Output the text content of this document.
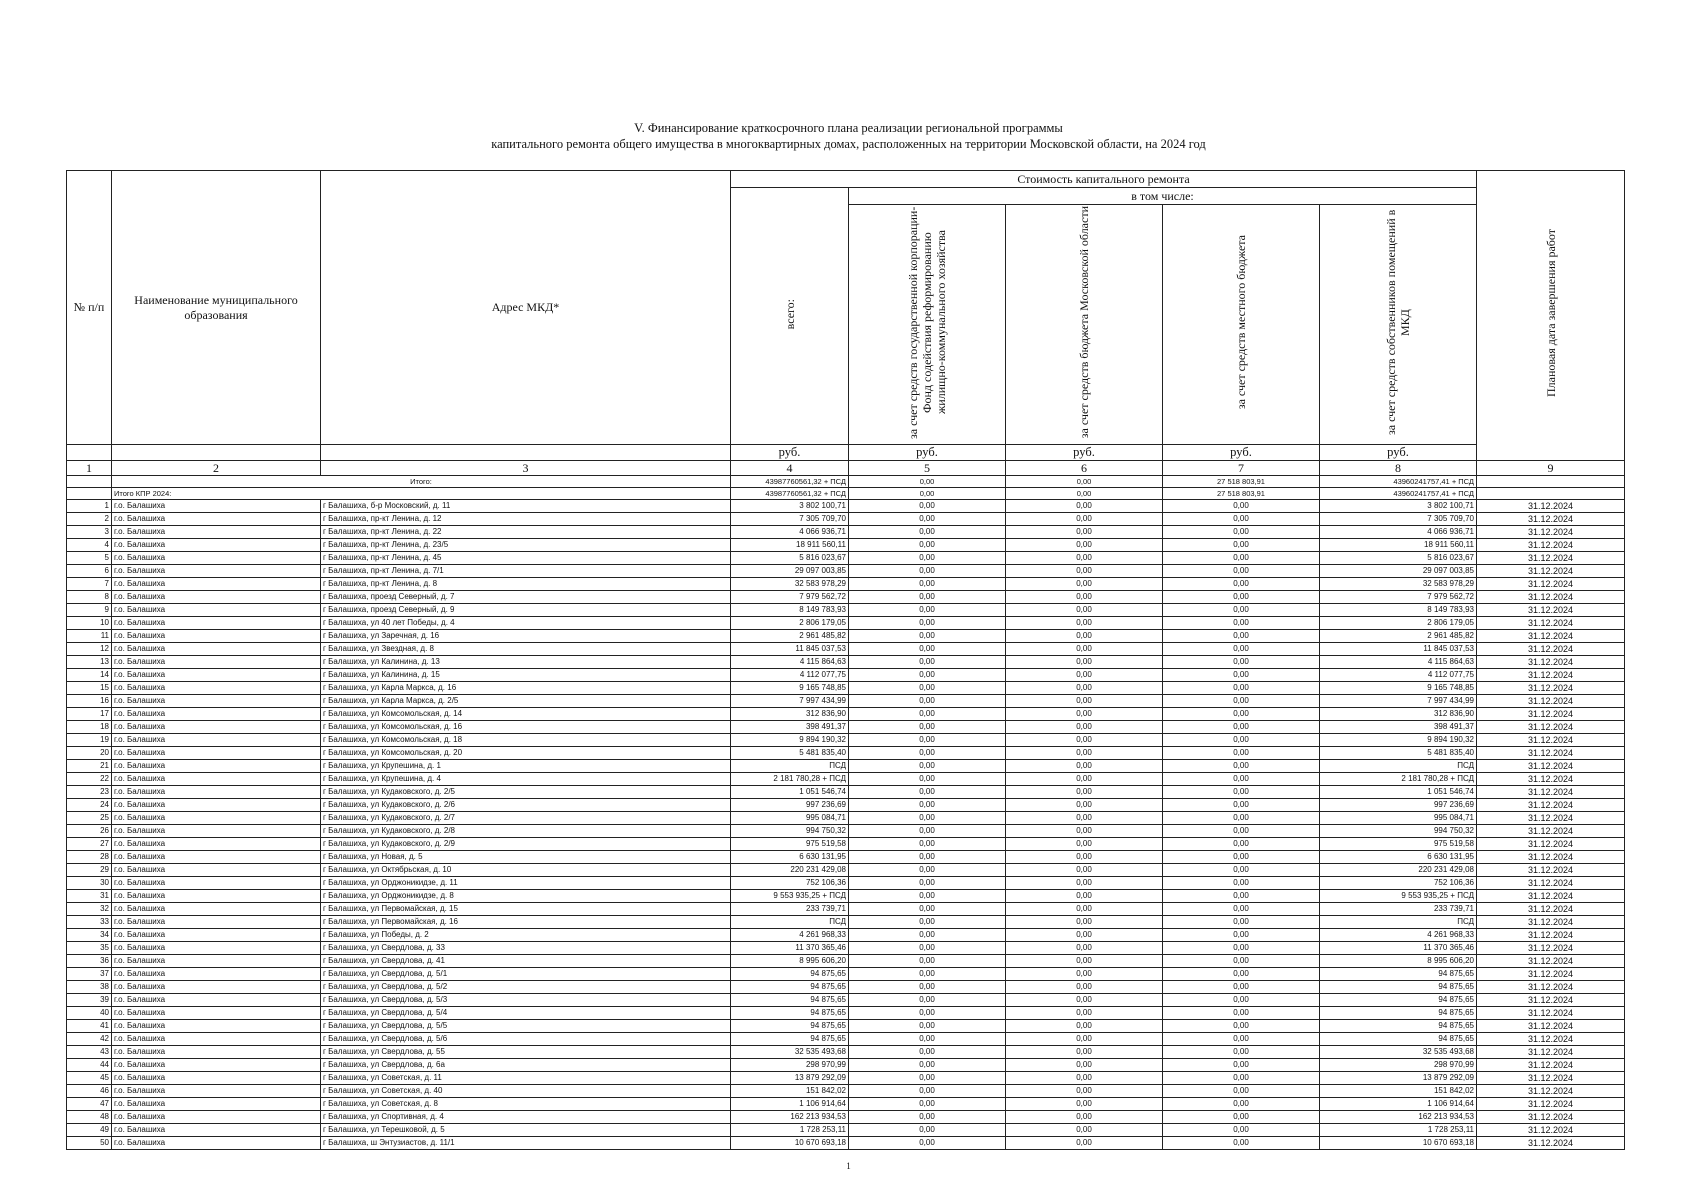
V. Финансирование краткосрочного плана реализации региональной программы
капитального ремонта общего имущества в многоквартирных домах, расположенных на территории Московской области, на 2024 год
№ п/п	Наименование муниципального образования	Адрес МКД*	Стоимость капитального ремонта					Плановая дата завершения работ
			всего:	в том числе:				
				за счет средств государственной корпорации-Фонд содействия реформированию жилищно-коммунального хозяйства	за счет средств бюджета Московской области	за счет средств местного бюджета	за счет средств собственников помещений в МКД	
			руб.	руб.	руб.	руб.	руб.	
1	2	3	4	5	6	7	8	9
	Итого:		43987760561,32 + ПСД	0,00	0,00	27 518 803,91	43960241757,41 + ПСД	
	Итого КПР 2024:		43987760561,32 + ПСД	0,00	0,00	27 518 803,91	43960241757,41 + ПСД	
1	г.о. Балашиха	г Балашиха, б-р Московский, д. 11	3 802 100,71	0,00	0,00	0,00	3 802 100,71	31.12.2024
2	г.о. Балашиха	г Балашиха, пр-кт Ленина, д. 12	7 305 709,70	0,00	0,00	0,00	7 305 709,70	31.12.2024
3	г.о. Балашиха	г Балашиха, пр-кт Ленина, д. 22	4 066 936,71	0,00	0,00	0,00	4 066 936,71	31.12.2024
4	г.о. Балашиха	г Балашиха, пр-кт Ленина, д. 23/5	18 911 560,11	0,00	0,00	0,00	18 911 560,11	31.12.2024
5	г.о. Балашиха	г Балашиха, пр-кт Ленина, д. 45	5 816 023,67	0,00	0,00	0,00	5 816 023,67	31.12.2024
6	г.о. Балашиха	г Балашиха, пр-кт Ленина, д. 7/1	29 097 003,85	0,00	0,00	0,00	29 097 003,85	31.12.2024
7	г.о. Балашиха	г Балашиха, пр-кт Ленина, д. 8	32 583 978,29	0,00	0,00	0,00	32 583 978,29	31.12.2024
8	г.о. Балашиха	г Балашиха, проезд Северный, д. 7	7 979 562,72	0,00	0,00	0,00	7 979 562,72	31.12.2024
9	г.о. Балашиха	г Балашиха, проезд Северный, д. 9	8 149 783,93	0,00	0,00	0,00	8 149 783,93	31.12.2024
10	г.о. Балашиха	г Балашиха, ул 40 лет Победы, д. 4	2 806 179,05	0,00	0,00	0,00	2 806 179,05	31.12.2024
11	г.о. Балашиха	г Балашиха, ул Заречная, д. 16	2 961 485,82	0,00	0,00	0,00	2 961 485,82	31.12.2024
12	г.о. Балашиха	г Балашиха, ул Звездная, д. 8	11 845 037,53	0,00	0,00	0,00	11 845 037,53	31.12.2024
13	г.о. Балашиха	г Балашиха, ул Калинина, д. 13	4 115 864,63	0,00	0,00	0,00	4 115 864,63	31.12.2024
14	г.о. Балашиха	г Балашиха, ул Калинина, д. 15	4 112 077,75	0,00	0,00	0,00	4 112 077,75	31.12.2024
15	г.о. Балашиха	г Балашиха, ул Карла Маркса, д. 16	9 165 748,85	0,00	0,00	0,00	9 165 748,85	31.12.2024
16	г.о. Балашиха	г Балашиха, ул Карла Маркса, д. 2/5	7 997 434,99	0,00	0,00	0,00	7 997 434,99	31.12.2024
17	г.о. Балашиха	г Балашиха, ул Комсомольская, д. 14	312 836,90	0,00	0,00	0,00	312 836,90	31.12.2024
18	г.о. Балашиха	г Балашиха, ул Комсомольская, д. 16	398 491,37	0,00	0,00	0,00	398 491,37	31.12.2024
19	г.о. Балашиха	г Балашиха, ул Комсомольская, д. 18	9 894 190,32	0,00	0,00	0,00	9 894 190,32	31.12.2024
20	г.о. Балашиха	г Балашиха, ул Комсомольская, д. 20	5 481 835,40	0,00	0,00	0,00	5 481 835,40	31.12.2024
21	г.о. Балашиха	г Балашиха, ул Крупешина, д. 1	ПСД	0,00	0,00	0,00	ПСД	31.12.2024
22	г.о. Балашиха	г Балашиха, ул Крупешина, д. 4	2 181 780,28 + ПСД	0,00	0,00	0,00	2 181 780,28 + ПСД	31.12.2024
23	г.о. Балашиха	г Балашиха, ул Кудаковского, д. 2/5	1 051 546,74	0,00	0,00	0,00	1 051 546,74	31.12.2024
24	г.о. Балашиха	г Балашиха, ул Кудаковского, д. 2/6	997 236,69	0,00	0,00	0,00	997 236,69	31.12.2024
25	г.о. Балашиха	г Балашиха, ул Кудаковского, д. 2/7	995 084,71	0,00	0,00	0,00	995 084,71	31.12.2024
26	г.о. Балашиха	г Балашиха, ул Кудаковского, д. 2/8	994 750,32	0,00	0,00	0,00	994 750,32	31.12.2024
27	г.о. Балашиха	г Балашиха, ул Кудаковского, д. 2/9	975 519,58	0,00	0,00	0,00	975 519,58	31.12.2024
28	г.о. Балашиха	г Балашиха, ул Новая, д. 5	6 630 131,95	0,00	0,00	0,00	6 630 131,95	31.12.2024
29	г.о. Балашиха	г Балашиха, ул Октябрьская, д. 10	220 231 429,08	0,00	0,00	0,00	220 231 429,08	31.12.2024
30	г.о. Балашиха	г Балашиха, ул Орджоникидзе, д. 11	752 106,36	0,00	0,00	0,00	752 106,36	31.12.2024
31	г.о. Балашиха	г Балашиха, ул Орджоникидзе, д. 8	9 553 935,25 + ПСД	0,00	0,00	0,00	9 553 935,25 + ПСД	31.12.2024
32	г.о. Балашиха	г Балашиха, ул Первомайская, д. 15	233 739,71	0,00	0,00	0,00	233 739,71	31.12.2024
33	г.о. Балашиха	г Балашиха, ул Первомайская, д. 16	ПСД	0,00	0,00	0,00	ПСД	31.12.2024
34	г.о. Балашиха	г Балашиха, ул Победы, д. 2	4 261 968,33	0,00	0,00	0,00	4 261 968,33	31.12.2024
35	г.о. Балашиха	г Балашиха, ул Свердлова, д. 33	11 370 365,46	0,00	0,00	0,00	11 370 365,46	31.12.2024
36	г.о. Балашиха	г Балашиха, ул Свердлова, д. 41	8 995 606,20	0,00	0,00	0,00	8 995 606,20	31.12.2024
37	г.о. Балашиха	г Балашиха, ул Свердлова, д. 5/1	94 875,65	0,00	0,00	0,00	94 875,65	31.12.2024
38	г.о. Балашиха	г Балашиха, ул Свердлова, д. 5/2	94 875,65	0,00	0,00	0,00	94 875,65	31.12.2024
39	г.о. Балашиха	г Балашиха, ул Свердлова, д. 5/3	94 875,65	0,00	0,00	0,00	94 875,65	31.12.2024
40	г.о. Балашиха	г Балашиха, ул Свердлова, д. 5/4	94 875,65	0,00	0,00	0,00	94 875,65	31.12.2024
41	г.о. Балашиха	г Балашиха, ул Свердлова, д. 5/5	94 875,65	0,00	0,00	0,00	94 875,65	31.12.2024
42	г.о. Балашиха	г Балашиха, ул Свердлова, д. 5/6	94 875,65	0,00	0,00	0,00	94 875,65	31.12.2024
43	г.о. Балашиха	г Балашиха, ул Свердлова, д. 55	32 535 493,68	0,00	0,00	0,00	32 535 493,68	31.12.2024
44	г.о. Балашиха	г Балашиха, ул Свердлова, д. 6а	298 970,99	0,00	0,00	0,00	298 970,99	31.12.2024
45	г.о. Балашиха	г Балашиха, ул Советская, д. 11	13 879 292,09	0,00	0,00	0,00	13 879 292,09	31.12.2024
46	г.о. Балашиха	г Балашиха, ул Советская, д. 40	151 842,02	0,00	0,00	0,00	151 842,02	31.12.2024
47	г.о. Балашиха	г Балашиха, ул Советская, д. 8	1 106 914,64	0,00	0,00	0,00	1 106 914,64	31.12.2024
48	г.о. Балашиха	г Балашиха, ул Спортивная, д. 4	162 213 934,53	0,00	0,00	0,00	162 213 934,53	31.12.2024
49	г.о. Балашиха	г Балашиха, ул Терешковой, д. 5	1 728 253,11	0,00	0,00	0,00	1 728 253,11	31.12.2024
50	г.о. Балашиха	г Балашиха, ш Энтузиастов, д. 11/1	10 670 693,18	0,00	0,00	0,00	10 670 693,18	31.12.2024
1
